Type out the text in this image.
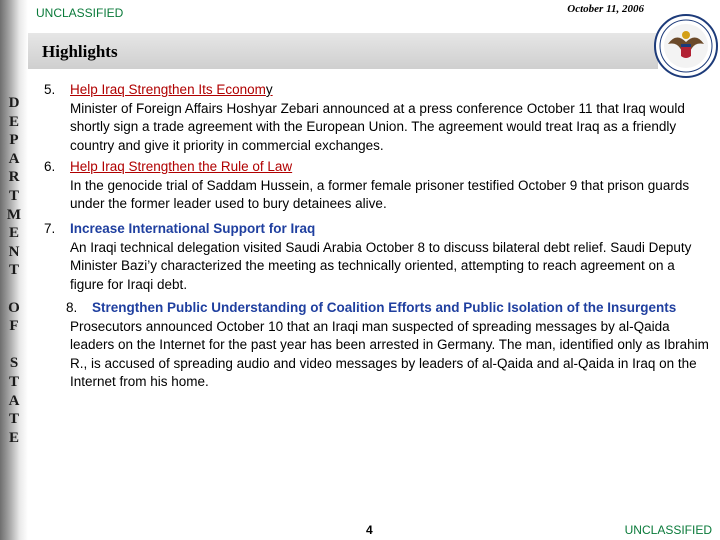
D
E
P
A
R
T
M
E
N
T
O
F
S
T
A
T
E
UNCLASSIFIED	October 11, 2006
Highlights
5. Help Iraq Strengthen Its Economy
Minister of Foreign Affairs Hoshyar Zebari announced at a press conference October 11 that Iraq would shortly sign a trade agreement with the European Union. The agreement would treat Iraq as a friendly country and give it priority in commercial exchanges.
6. Help Iraq Strengthen the Rule of Law
In the genocide trial of Saddam Hussein, a former female prisoner testified October 9 that prison guards under the former leader used to bury detainees alive.
7. Increase International Support for Iraq
An Iraqi technical delegation visited Saudi Arabia October 8 to discuss bilateral debt relief. Saudi Deputy Minister Bazi’y characterized the meeting as technically oriented, attempting to reach agreement on a figure for Iraqi debt.
8.	Strengthen Public Understanding of Coalition Efforts and Public Isolation of the Insurgents
Prosecutors announced October 10 that an Iraqi man suspected of spreading messages by al-Qaida leaders on the Internet for the past year has been arrested in Germany. The man, identified only as Ibrahim R., is accused of spreading audio and video messages by leaders of al-Qaida and al-Qaida in Iraq on the Internet from his home.
4	UNCLASSIFIED
